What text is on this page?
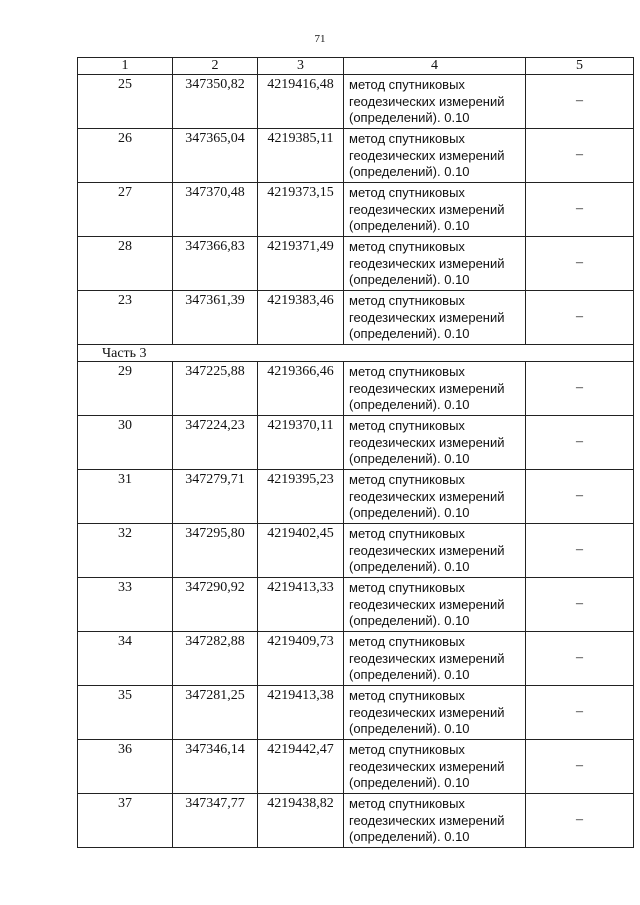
71
1	2	3	4	5
25	347350,82	4219416,48	метод спутниковых геодезических измерений (определений). 0.10	–
26	347365,04	4219385,11	метод спутниковых геодезических измерений (определений). 0.10	–
27	347370,48	4219373,15	метод спутниковых геодезических измерений (определений). 0.10	–
28	347366,83	4219371,49	метод спутниковых геодезических измерений (определений). 0.10	–
23	347361,39	4219383,46	метод спутниковых геодезических измерений (определений). 0.10	–
Часть 3				
29	347225,88	4219366,46	метод спутниковых геодезических измерений (определений). 0.10	–
30	347224,23	4219370,11	метод спутниковых геодезических измерений (определений). 0.10	–
31	347279,71	4219395,23	метод спутниковых геодезических измерений (определений). 0.10	–
32	347295,80	4219402,45	метод спутниковых геодезических измерений (определений). 0.10	–
33	347290,92	4219413,33	метод спутниковых геодезических измерений (определений). 0.10	–
34	347282,88	4219409,73	метод спутниковых геодезических измерений (определений). 0.10	–
35	347281,25	4219413,38	метод спутниковых геодезических измерений (определений). 0.10	–
36	347346,14	4219442,47	метод спутниковых геодезических измерений (определений). 0.10	–
37	347347,77	4219438,82	метод спутниковых геодезических измерений (определений). 0.10	–
